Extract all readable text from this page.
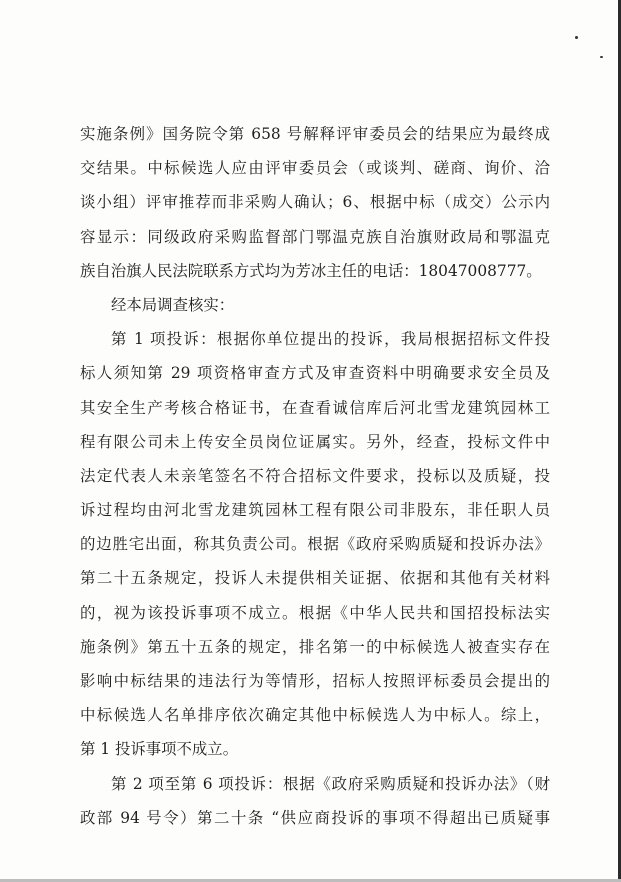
实施条例》国务院令第 658 号解释评审委员会的结果应为最终成
交结果。中标候选人应由评审委员会（或谈判、磋商、询价、洽
谈小组）评审推荐而非采购人确认；6、根据中标（成交）公示内
容显示：同级政府采购监督部门鄂温克族自治旗财政局和鄂温克
族自治旗人民法院联系方式均为芳冰主任的电话：18047008777。
经本局调查核实：
第 1 项投诉：根据你单位提出的投诉，我局根据招标文件投
标人须知第 29 项资格审查方式及审查资料中明确要求安全员及
其安全生产考核合格证书，在查看诚信库后河北雪龙建筑园林工
程有限公司未上传安全员岗位证属实。另外，经查，投标文件中
法定代表人未亲笔签名不符合招标文件要求，投标以及质疑，投
诉过程均由河北雪龙建筑园林工程有限公司非股东，非任职人员
的边胜宅出面，称其负责公司。根据《政府采购质疑和投诉办法》
第二十五条规定，投诉人未提供相关证据、依据和其他有关材料
的，视为该投诉事项不成立。根据《中华人民共和国招投标法实
施条例》第五十五条的规定，排名第一的中标候选人被查实存在
影响中标结果的违法行为等情形，招标人按照评标委员会提出的
中标候选人名单排序依次确定其他中标候选人为中标人。综上，
第 1 投诉事项不成立。
第 2 项至第 6 项投诉：根据《政府采购质疑和投诉办法》（财
政部 94 号令）第二十条 “供应商投诉的事项不得超出已质疑事
